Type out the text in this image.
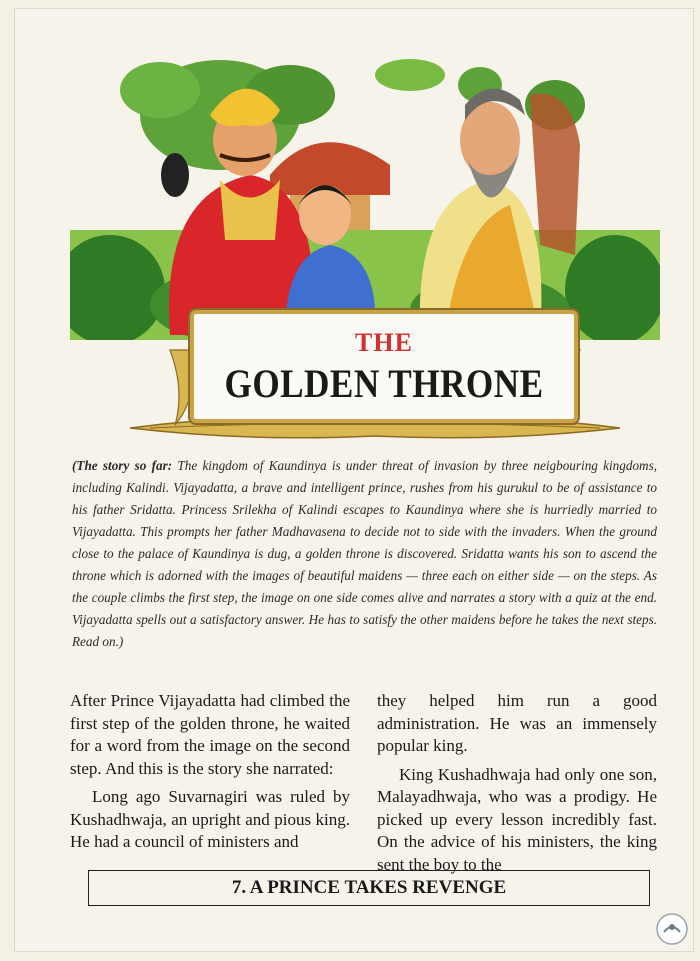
THE
GOLDEN THRONE
(The story so far: The kingdom of Kaundinya is under threat of invasion by three neigbouring kingdoms, including Kalindi. Vijayadatta, a brave and intelligent prince, rushes from his gurukul to be of assistance to his father Sridatta. Princess Srilekha of Kalindi escapes to Kaundinya where she is hurriedly married to Vijayadatta. This prompts her father Madhavasena to decide not to side with the invaders. When the ground close to the palace of Kaundinya is dug, a golden throne is discovered. Sridatta wants his son to ascend the throne which is adorned with the images of beautiful maidens — three each on either side — on the steps. As the couple climbs the first step, the image on one side comes alive and narrates a story with a quiz at the end. Vijayadatta spells out a satisfactory answer. He has to satisfy the other maidens before he takes the next steps. Read on.)

After Prince Vijayadatta had climbed the first step of the golden throne, he waited for a word from the image on the second step. And this is the story she narrated:

Long ago Suvarnagiri was ruled by Kushadhwaja, an upright and pious king. He had a council of ministers and

they helped him run a good administration. He was an immensely popular king.

King Kushadhwaja had only one son, Malayadhwaja, who was a prodigy. He picked up every lesson incredibly fast. On the advice of his ministers, the king sent the boy to the

7. A PRINCE TAKES REVENGE
